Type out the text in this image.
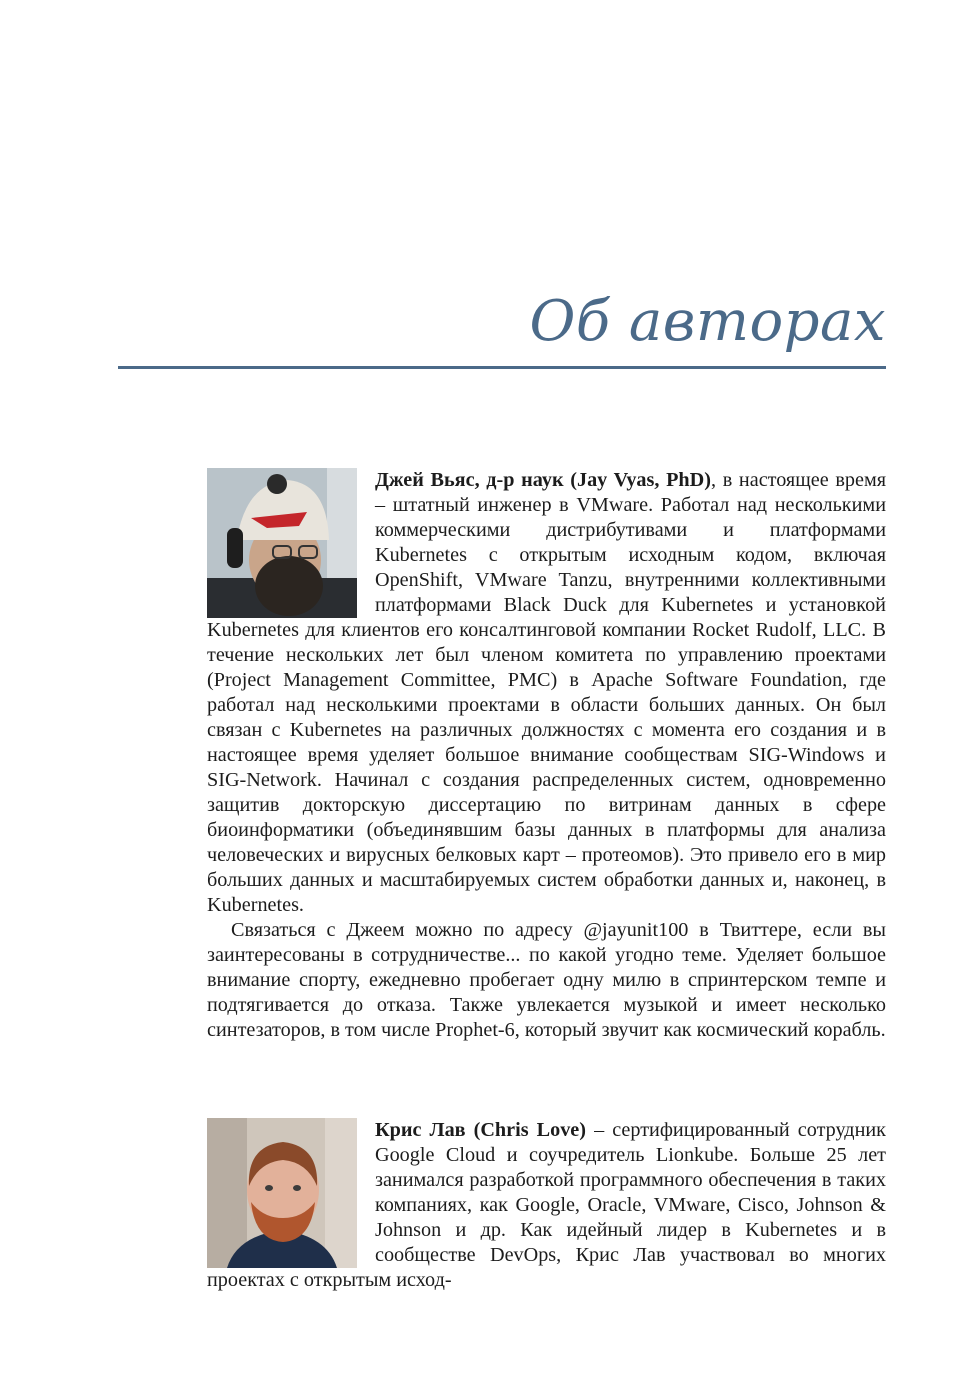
Об авторах

Джей Вьяс, д-р наук (Jay Vyas, PhD), в настоящее время – штатный инженер в VMware. Работал над несколькими коммерческими дистрибутивами и платформами Kubernetes с открытым исходным кодом, включая OpenShift, VMware Tanzu, внутренними коллективными платформами Black Duck для Kubernetes и установкой Kubernetes для клиентов его консалтинговой компании Rocket Rudolf, LLC. В течение нескольких лет был членом комитета по управлению проектами (Project Management Committee, PMC) в Apache Software Foundation, где работал над несколькими проектами в области больших данных. Он был связан с Kubernetes на различных должностях с момента его создания и в настоящее время уделяет большое внимание сообществам SIG-Windows и SIG-Network. Начинал с создания распределенных систем, одновременно защитив докторскую диссертацию по витринам данных в сфере биоинформатики (объединявшим базы данных в платформы для анализа человеческих и вирусных белковых карт – протеомов). Это привело его в мир больших данных и масштабируемых систем обработки данных и, наконец, в Kubernetes.

Связаться с Джеем можно по адресу @jayunit100 в Твиттере, если вы заинтересованы в сотрудничестве... по какой угодно теме. Уделяет большое внимание спорту, ежедневно пробегает одну милю в спринтерском темпе и подтягивается до отказа. Также увлекается музыкой и имеет несколько синтезаторов, в том числе Prophet-6, который звучит как космический корабль.

Крис Лав (Chris Love) – сертифицированный сотрудник Google Cloud и соучредитель Lionkube. Больше 25 лет занимался разработкой программного обеспечения в таких компаниях, как Google, Oracle, VMware, Cisco, Johnson & Johnson и др. Как идейный лидер в Kubernetes и в сообществе DevOps, Крис Лав участвовал во многих проектах с открытым исход-
